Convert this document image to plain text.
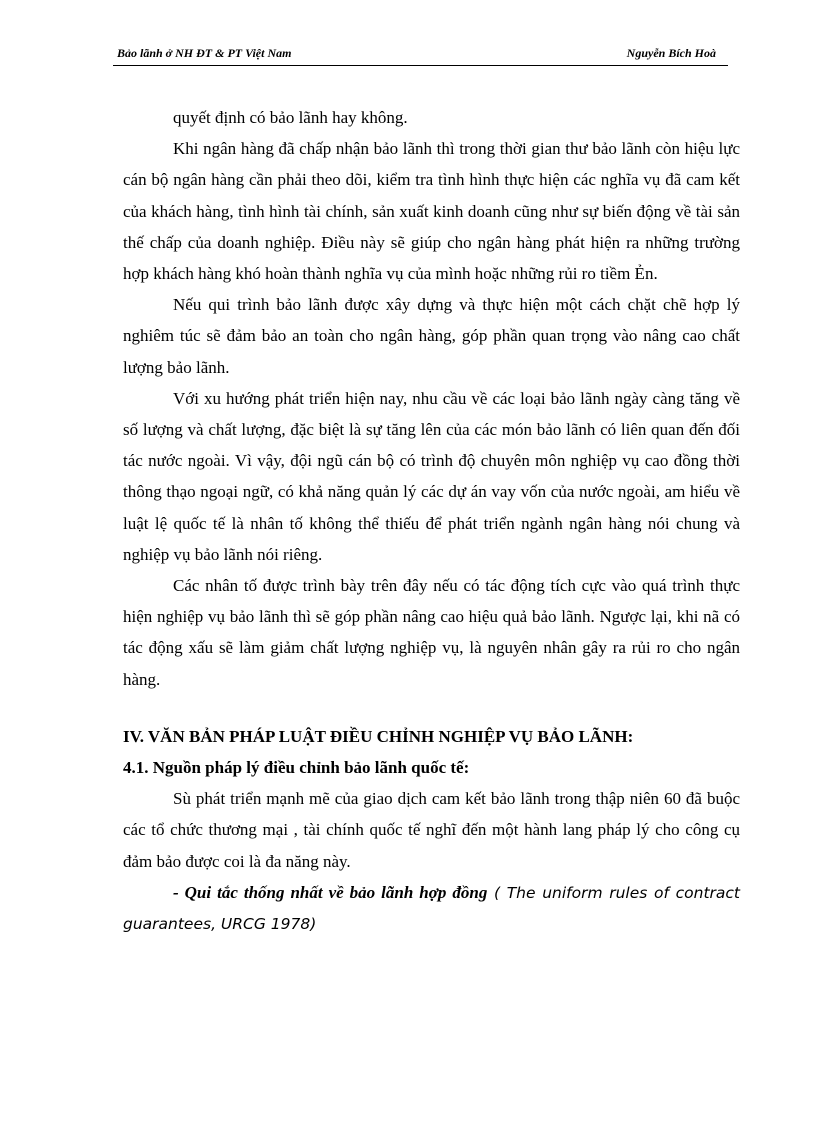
Bảo lãnh ở NH ĐT & PT Việt Nam	Nguyễn Bích Hoà

quyết định có bảo lãnh hay không.

Khi ngân hàng đã chấp nhận bảo lãnh thì trong thời gian thư bảo lãnh còn hiệu lực cán bộ ngân hàng cần phải theo dõi, kiểm tra tình hình thực hiện các nghĩa vụ đã cam kết của khách hàng, tình hình tài chính, sản xuất kinh doanh cũng như sự biến động về tài sản thế chấp của doanh nghiệp. Điều này sẽ giúp cho ngân hàng phát hiện ra những trường hợp khách hàng khó hoàn thành nghĩa vụ của mình hoặc những rủi ro tiềm Ẻn.

Nếu qui trình bảo lãnh được xây dựng và thực hiện một cách chặt chẽ hợp lý nghiêm túc sẽ đảm bảo an toàn cho ngân hàng, góp phần quan trọng vào nâng cao chất lượng bảo lãnh.

Với xu hướng phát triển hiện nay, nhu cầu về các loại bảo lãnh ngày càng tăng về số lượng và chất lượng, đặc biệt là sự tăng lên của các món bảo lãnh có liên quan đến đối tác nước ngoài. Vì vậy, đội ngũ cán bộ có trình độ chuyên môn nghiệp vụ cao đồng thời thông thạo ngoại ngữ, có khả năng quản lý các dự án vay vốn của nước ngoài, am hiểu về luật lệ quốc tế là nhân tố không thể thiếu để phát triển ngành ngân hàng nói chung và nghiệp vụ bảo lãnh nói riêng.

Các nhân tố được trình bày trên đây nếu có tác động tích cực vào quá trình thực hiện nghiệp vụ bảo lãnh thì sẽ góp phần nâng cao hiệu quả bảo lãnh. Ngược lại, khi nã có tác động xấu sẽ làm giảm chất lượng nghiệp vụ, là nguyên nhân gây ra rủi ro cho ngân hàng.

IV. VĂN BẢN PHÁP LUẬT ĐIỀU CHỈNH NGHIỆP VỤ BẢO LÃNH:

4.1. Nguồn pháp lý điều chỉnh bảo lãnh quốc tế:

Sù phát triển mạnh mẽ của giao dịch cam kết bảo lãnh trong thập niên 60 đã buộc các tổ chức thương mại , tài chính quốc tế nghĩ đến một hành lang pháp lý cho công cụ đảm bảo được coi là đa năng này.

- Qui tắc thống nhất về bảo lãnh hợp đồng ( The uniform rules of contract guarantees, URCG 1978)
